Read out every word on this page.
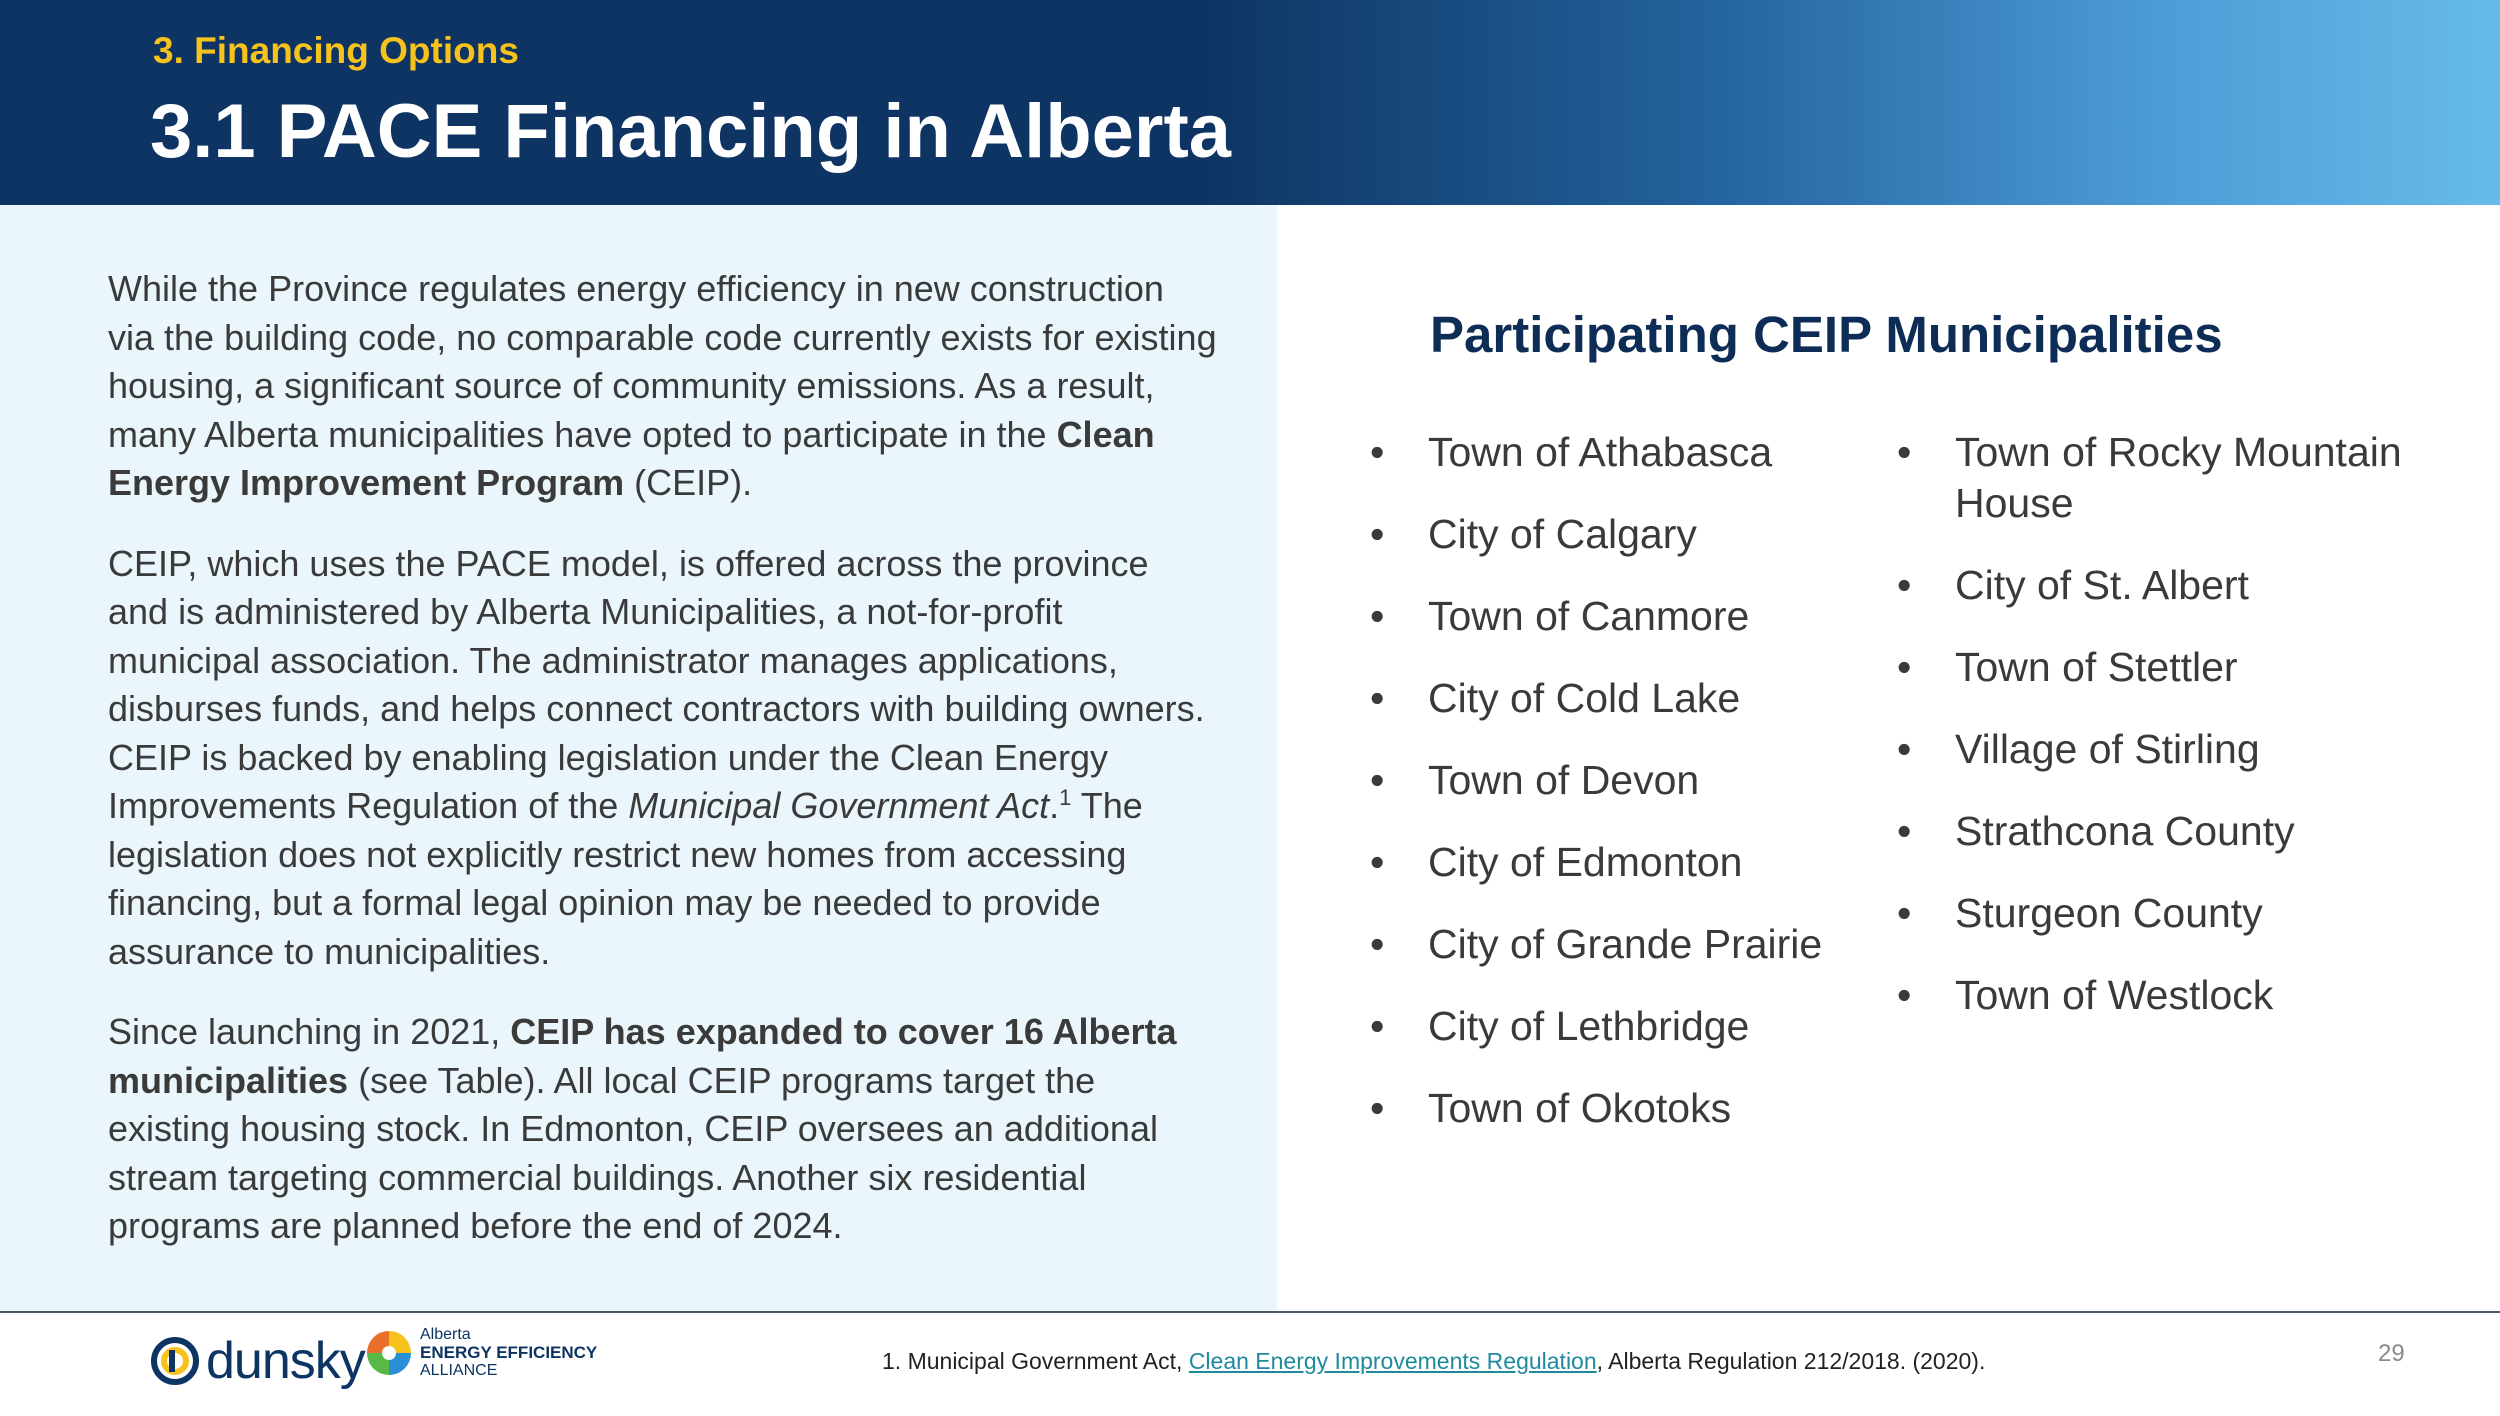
3. Financing Options
3.1 PACE Financing in Alberta

While the Province regulates energy efficiency in new construction via the building code, no comparable code currently exists for existing housing, a significant source of community emissions. As a result, many Alberta municipalities have opted to participate in the Clean Energy Improvement Program (CEIP).

CEIP, which uses the PACE model, is offered across the province and is administered by Alberta Municipalities, a not-for-profit municipal association. The administrator manages applications, disburses funds, and helps connect contractors with building owners. CEIP is backed by enabling legislation under the Clean Energy Improvements Regulation of the Municipal Government Act.$^1$ The legislation does not explicitly restrict new homes from accessing financing, but a formal legal opinion may be needed to provide assurance to municipalities.

Since launching in 2021, CEIP has expanded to cover 16 Alberta municipalities (see Table). All local CEIP programs target the existing housing stock. In Edmonton, CEIP oversees an additional stream targeting commercial buildings. Another six residential programs are planned before the end of 2024.

Participating CEIP Municipalities
• Town of Athabasca
• City of Calgary
• Town of Canmore
• City of Cold Lake
• Town of Devon
• City of Edmonton
• City of Grande Prairie
• City of Lethbridge
• Town of Okotoks
• Town of Rocky Mountain House
• City of St. Albert
• Town of Stettler
• Village of Stirling
• Strathcona County
• Sturgeon County
• Town of Westlock
dunsky	Alberta
ENERGY EFFICIENCY
ALLIANCE	1. Municipal Government Act, Clean Energy Improvements Regulation, Alberta Regulation 212/2018. (2020).	29
